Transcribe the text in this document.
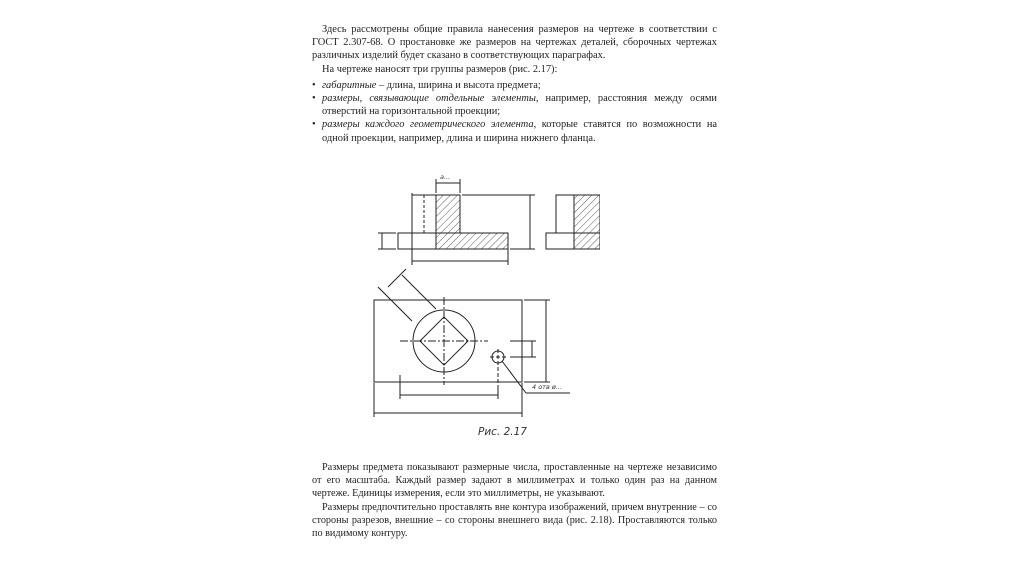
Здесь рассмотрены общие правила нанесения размеров на чертеже в соответствии с ГОСТ 2.307-68. О простановке же размеров на чертежах деталей, сборочных чертежах различных изделий будет сказано в соответствующих параграфах.

На чертеже наносят три группы размеров (рис. 2.17):

• габаритные – длина, ширина и высота предмета;
• размеры, связывающие отдельные элементы, например, расстояния между осями отверстий на горизонтальной проекции;
• размеры каждого геометрического элемента, которые ставятся по возможности на одной проекции, например, длина и ширина нижнего фланца.
а...
4 отв ø...
Рис. 2.17

Размеры предмета показывают размерные числа, проставленные на чертеже независимо от его масштаба. Каждый размер задают в миллиметрах и только один раз на данном чертеже. Единицы измерения, если это миллиметры, не указывают.

Размеры предпочтительно проставлять вне контура изображений, причем внутренние – со стороны разрезов, внешние – со стороны внешнего вида (рис. 2.18). Проставляются только по видимому контуру.
